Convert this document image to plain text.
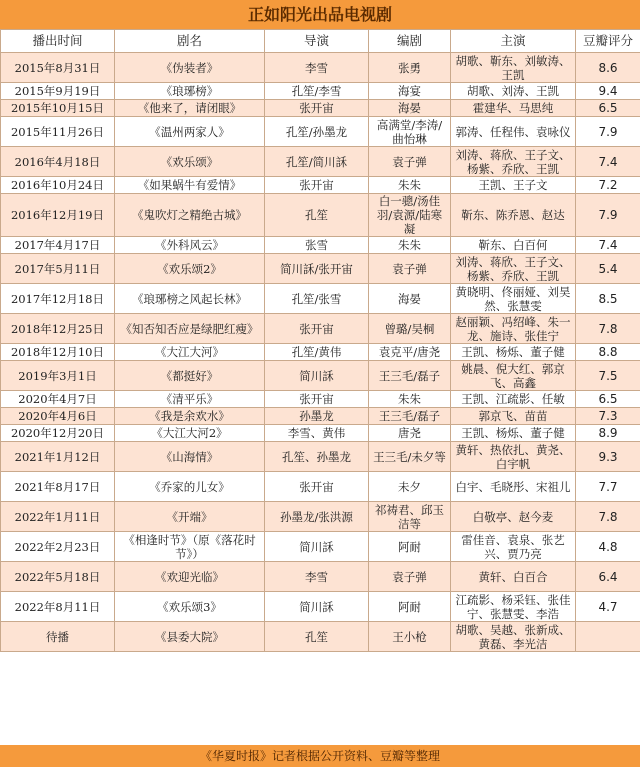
正如阳光出品电视剧
播出时间	剧名	导演	编剧	主演	豆瓣评分
2015年8月31日	《伪装者》	李雪	张勇	胡歌、靳东、刘敏涛、王凯	8.6
2015年9月19日	《琅琊榜》	孔笙/李雪	海宴	胡歌、刘涛、王凯	9.4
2015年10月15日	《他来了，请闭眼》	张开宙	海晏	霍建华、马思纯	6.5
2015年11月26日	《温州两家人》	孔笙/孙墨龙	高满堂/李涛/曲怡琳	郭涛、任程伟、袁咏仪	7.9
2016年4月18日	《欢乐颂》	孔笙/简川訸	袁子弹	刘涛、蒋欣、王子文、杨紫、乔欣、王凯	7.4
2016年10月24日	《如果蜗牛有爱情》	张开宙	朱朱	王凯、王子文	7.2
2016年12月19日	《鬼吹灯之精绝古城》	孔笙	白一骢/汤佳羽/袁源/陆寒凝	靳东、陈乔恩、赵达	7.9
2017年4月17日	《外科风云》	张雪	朱朱	靳东、白百何	7.4
2017年5月11日	《欢乐颂2》	简川訸/张开宙	袁子弹	刘涛、蒋欣、王子文、杨紫、乔欣、王凯	5.4
2017年12月18日	《琅琊榜之风起长林》	孔笙/张雪	海晏	黄晓明、佟丽娅、刘昊然、张慧雯	8.5
2018年12月25日	《知否知否应是绿肥红瘦》	张开宙	曾璐/吴桐	赵丽颖、冯绍峰、朱一龙、施诗、张佳宁	7.8
2018年12月10日	《大江大河》	孔笙/黄伟	袁克平/唐尧	王凯、杨烁、董子健	8.8
2019年3月1日	《都挺好》	简川訸	王三毛/磊子	姚晨、倪大红、郭京飞、高鑫	7.5
2020年4月7日	《清平乐》	张开宙	朱朱	王凯、江疏影、任敏	6.5
2020年4月6日	《我是余欢水》	孙墨龙	王三毛/磊子	郭京飞、苗苗	7.3
2020年12月20日	《大江大河2》	李雪、黄伟	唐尧	王凯、杨烁、董子健	8.9
2021年1月12日	《山海情》	孔笙、孙墨龙	王三毛/未夕等	黄轩、热依扎、黄尧、白宇帆	9.3
2021年8月17日	《乔家的儿女》	张开宙	未夕	白宇、毛晓彤、宋祖儿	7.7
2022年1月11日	《开端》	孙墨龙/张洪源	祁祷君、邱玉洁等	白敬亭、赵今麦	7.8
2022年2月23日	《相逢时节》（原《落花时节》）	简川訸	阿耐	雷佳音、袁泉、张艺兴、贾乃亮	4.8
2022年5月18日	《欢迎光临》	李雪	袁子弹	黄轩、白百合	6.4
2022年8月11日	《欢乐颂3》	简川訸	阿耐	江疏影、杨采钰、张佳宁、张慧雯、李浩	4.7
待播	《县委大院》	孔笙	王小枪	胡歌、吴越、张新成、黄磊、李光洁	
《华夏时报》记者根据公开资料、豆瓣等整理
